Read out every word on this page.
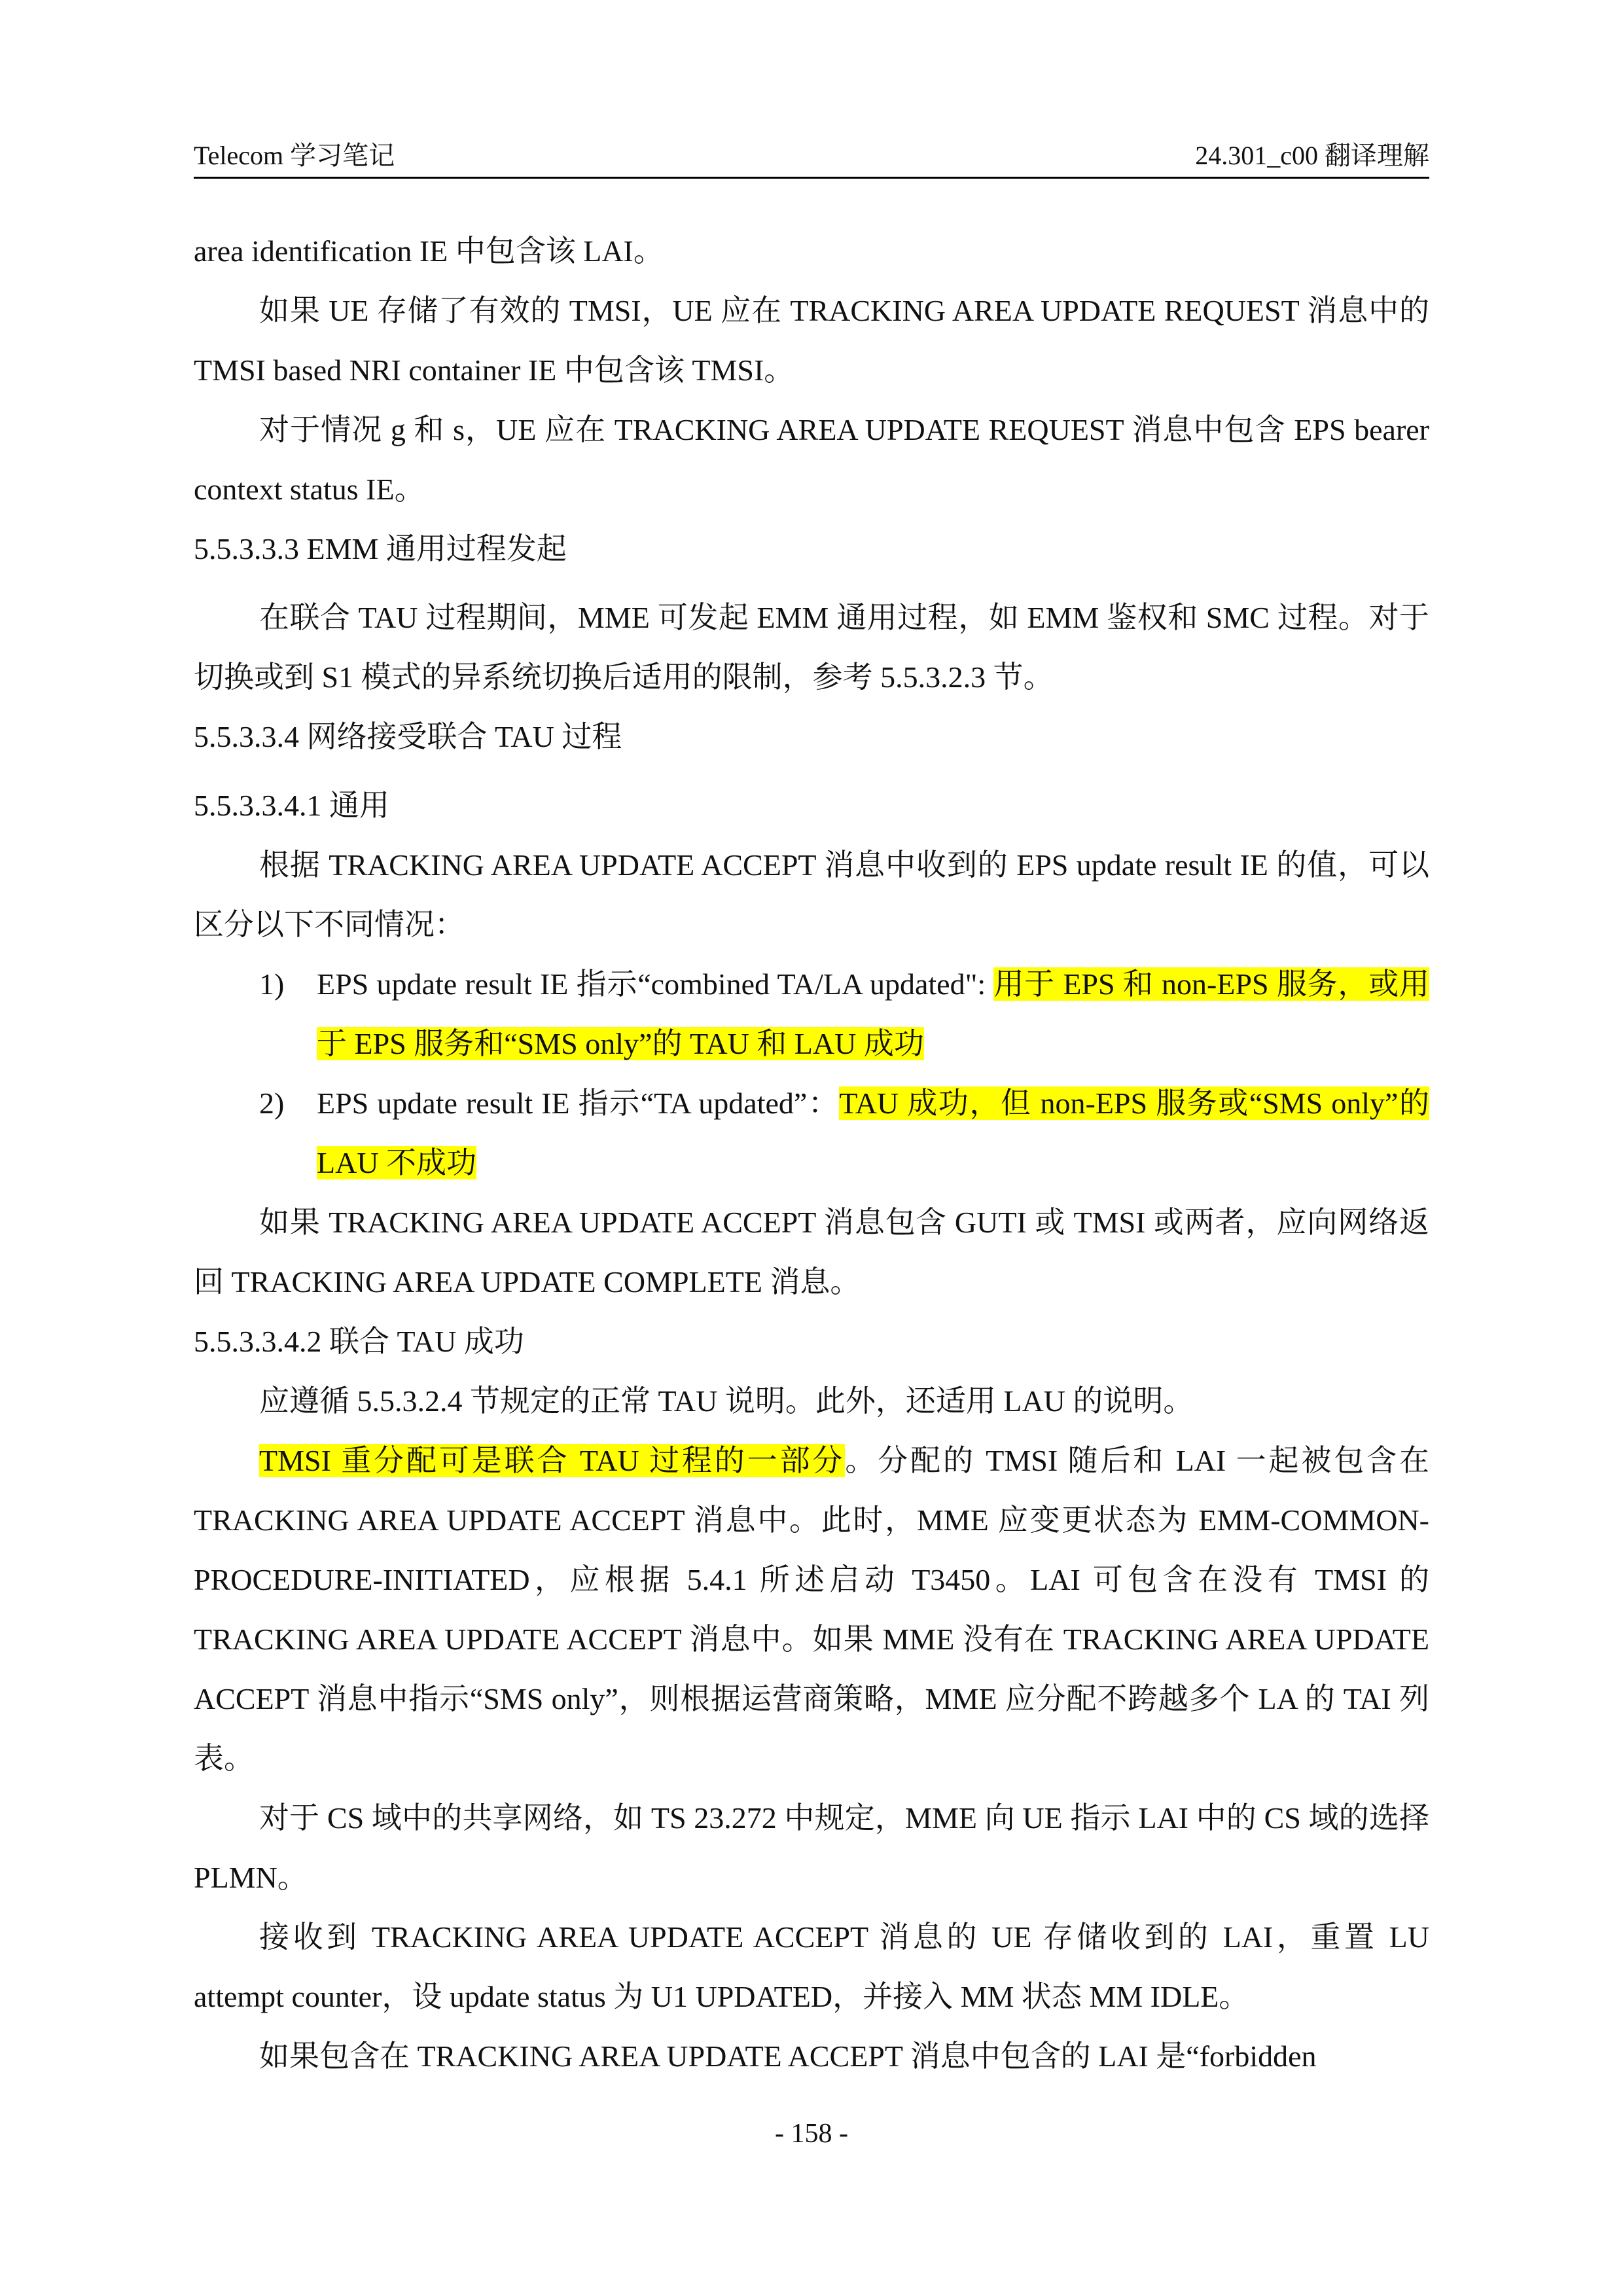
Telecom 学习笔记	24.301_c00 翻译理解
area identification IE 中包含该 LAI。
如果 UE 存储了有效的 TMSI，UE 应在 TRACKING AREA UPDATE REQUEST 消息中的 TMSI based NRI container IE 中包含该 TMSI。
对于情况 g 和 s，UE 应在 TRACKING AREA UPDATE REQUEST 消息中包含 EPS bearer context status IE。
5.5.3.3.3 EMM 通用过程发起
在联合 TAU 过程期间，MME 可发起 EMM 通用过程，如 EMM 鉴权和 SMC 过程。对于切换或到 S1 模式的异系统切换后适用的限制，参考 5.5.3.2.3 节。
5.5.3.3.4 网络接受联合 TAU 过程
5.5.3.3.4.1 通用
根据 TRACKING AREA UPDATE ACCEPT 消息中收到的 EPS update result IE 的值，可以区分以下不同情况：
1) EPS update result IE 指示“combined TA/LA updated": 用于 EPS 和 non-EPS 服务，或用于 EPS 服务和“SMS only”的 TAU 和 LAU 成功
2) EPS update result IE 指示“TA updated”：TAU 成功，但 non-EPS 服务或“SMS only”的 LAU 不成功
如果 TRACKING AREA UPDATE ACCEPT 消息包含 GUTI 或 TMSI 或两者，应向网络返回 TRACKING AREA UPDATE COMPLETE 消息。
5.5.3.3.4.2 联合 TAU 成功
应遵循 5.5.3.2.4 节规定的正常 TAU 说明。此外，还适用 LAU 的说明。
TMSI 重分配可是联合 TAU 过程的一部分。分配的 TMSI 随后和 LAI 一起被包含在 TRACKING AREA UPDATE ACCEPT 消息中。此时，MME 应变更状态为 EMM-COMMON-PROCEDURE-INITIATED，应根据 5.4.1 所述启动 T3450。LAI 可包含在没有 TMSI 的 TRACKING AREA UPDATE ACCEPT 消息中。如果 MME 没有在 TRACKING AREA UPDATE ACCEPT 消息中指示“SMS only”，则根据运营商策略，MME 应分配不跨越多个 LA 的 TAI 列表。
对于 CS 域中的共享网络，如 TS 23.272 中规定，MME 向 UE 指示 LAI 中的 CS 域的选择 PLMN。
接收到 TRACKING AREA UPDATE ACCEPT 消息的 UE 存储收到的 LAI，重置 LU attempt counter，设 update status 为 U1 UPDATED，并接入 MM 状态 MM IDLE。
如果包含在 TRACKING AREA UPDATE ACCEPT 消息中包含的 LAI 是“forbidden
- 158 -
